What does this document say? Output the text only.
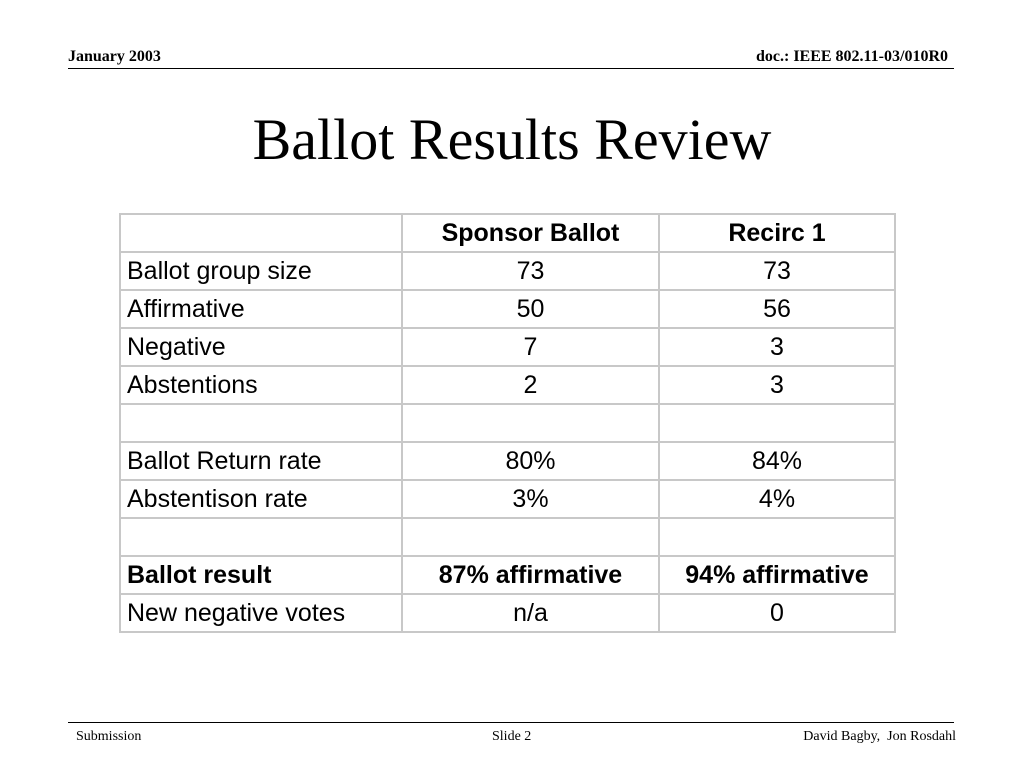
January 2003	doc.: IEEE 802.11-03/010R0
Ballot Results Review
	Sponsor Ballot	Recirc 1
Ballot group size	73	73
Affirmative	50	56
Negative	7	3
Abstentions	2	3

Ballot Return rate	80%	84%
Abstentison rate	3%	4%

Ballot result	87% affirmative	94% affirmative
New negative votes	n/a	0
Submission	Slide 2	David Bagby,  Jon Rosdahl
